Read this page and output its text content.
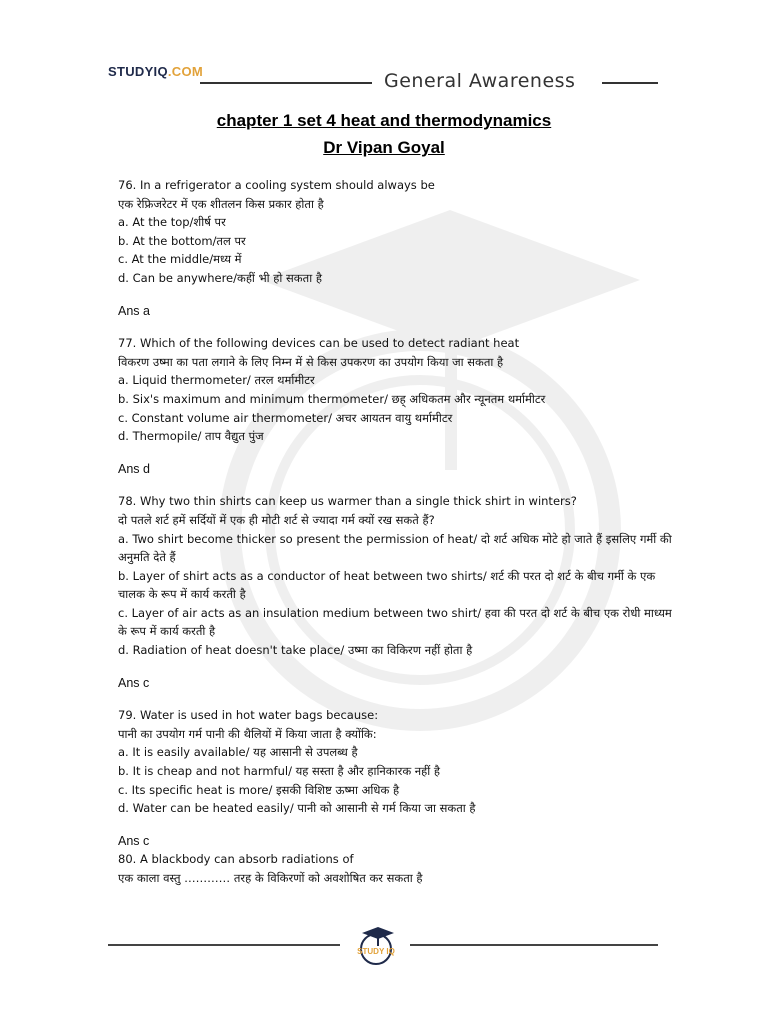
STUDYIQ.COM	General Awareness
chapter 1 set 4 heat and thermodynamics
Dr Vipan Goyal
76. In a refrigerator a cooling system should always be
एक रेफ्रिजरेटर में एक शीतलन किस प्रकार होता है
a. At the top/शीर्ष पर
b. At the bottom/तल पर
c. At the middle/मध्य में
d. Can be anywhere/कहीं भी हो सकता है
Ans a
77. Which of the following devices can be used to detect radiant heat
विकरण उष्मा का पता लगाने के लिए निम्न में से किस उपकरण का उपयोग किया जा सकता है
a. Liquid thermometer/ तरल थर्मामीटर
b. Six's maximum and minimum thermometer/ छह् अधिकतम और न्यूनतम थर्मामीटर
c. Constant volume air thermometer/ अचर आयतन वायु थर्मामीटर
d. Thermopile/ ताप वैद्युत पुंज
Ans d
78. Why two thin shirts can keep us warmer than a single thick shirt in winters?
दो पतले शर्ट हमें सर्दियों में एक ही मोटी शर्ट से ज्यादा गर्म क्यों रख सकते हैं?
a. Two shirt become thicker so present the permission of heat/ दो शर्ट अधिक मोटे हो जाते हैं इसलिए गर्मी की अनुमति देते हैं
b. Layer of shirt acts as a conductor of heat between two shirts/ शर्ट की परत दो शर्ट के बीच गर्मी के एक चालक के रूप में कार्य करती है
c. Layer of air acts as an insulation medium between two shirt/ हवा की परत दो शर्ट के बीच एक रोधी माध्यम के रूप में कार्य करती है
d. Radiation of heat doesn't take place/ उष्मा का विकिरण नहीं होता है
Ans c
79. Water is used in hot water bags because:
पानी का उपयोग गर्म पानी की थैलियों में किया जाता है क्योंकि:
a. It is easily available/ यह आसानी से उपलब्ध है
b. It is cheap and not harmful/ यह सस्ता है और हानिकारक नहीं है
c. Its specific heat is more/ इसकी विशिष्ट ऊष्मा अधिक है
d. Water can be heated easily/ पानी को आसानी से गर्म किया जा सकता है
Ans c
80. A blackbody can absorb radiations of
एक काला वस्तु ………… तरह के विकिरणों को अवशोषित कर सकता है
STUDY IQ
